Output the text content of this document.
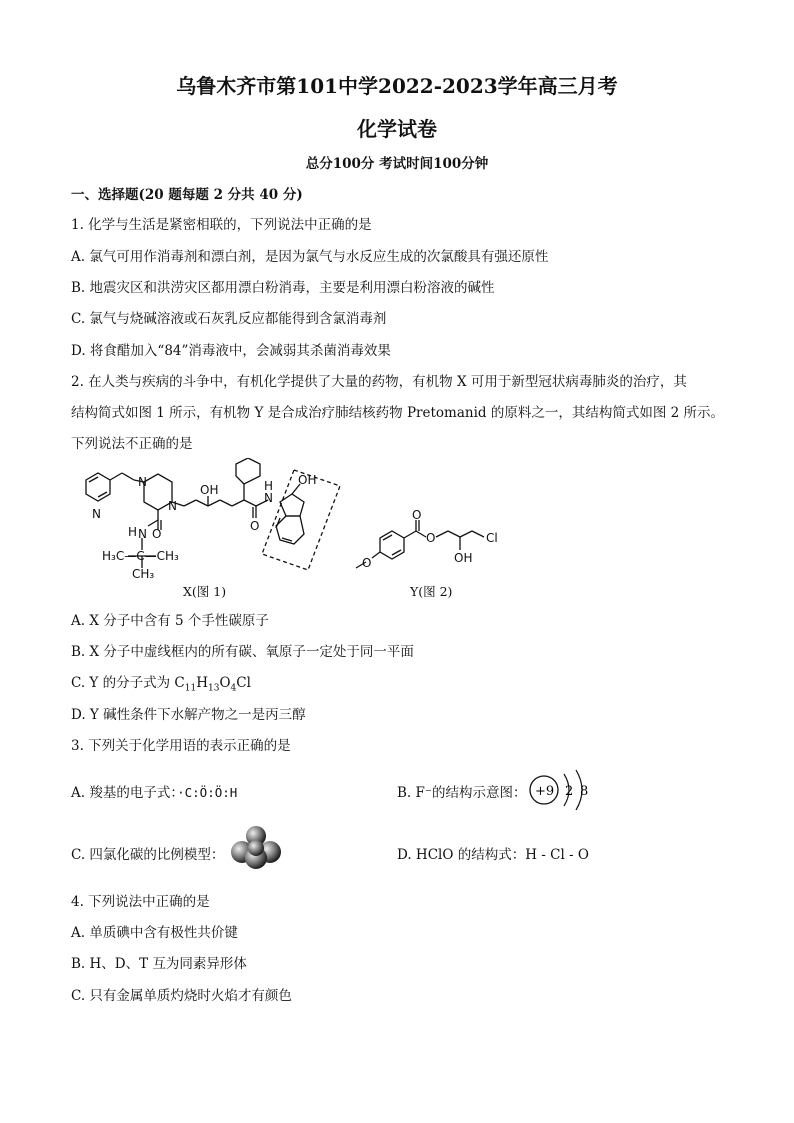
乌鲁木齐市第101中学2022-2023学年高三月考
化学试卷
总分100分 考试时间100分钟
一、选择题(20 题每题 2 分共 40 分)
1. 化学与生活是紧密相联的，下列说法中正确的是
A. 氯气可用作消毒剂和漂白剂，是因为氯气与水反应生成的次氯酸具有强还原性
B. 地震灾区和洪涝灾区都用漂白粉消毒，主要是利用漂白粉溶液的碱性
C. 氯气与烧碱溶液或石灰乳反应都能得到含氯消毒剂
D. 将食醋加入“84”消毒液中，会减弱其杀菌消毒效果
2. 在人类与疾病的斗争中，有机化学提供了大量的药物，有机物 X 可用于新型冠状病毒肺炎的治疗，其
结构简式如图 1 所示，有机物 Y 是合成治疗肺结核药物 Pretomanid 的原料之一，其结构简式如图 2 所示。
下列说法不正确的是
N
N
N
OH
OH
O
N
H
O
N
H
H₃C—C—CH₃
CH₃
X(图 1)
O
O
O
OH
Cl
Y(图 2)
A. X 分子中含有 5 个手性碳原子
B. X 分子中虚线框内的所有碳、氧原子一定处于同一平面
C. Y 的分子式为 $C_{11}H_{13}O_4Cl$
D. Y 碱性条件下水解产物之一是丙三醇
3. 下列关于化学用语的表示正确的是
A. 羧基的电子式：·C:Ö:Ö:H	B. F⁻的结构示意图： +9 2 8
C. 四氯化碳的比例模型：	D. HClO 的结构式：H - Cl - O
4. 下列说法中正确的是
A. 单质碘中含有极性共价键
B. H、D、T 互为同素异形体
C. 只有金属单质灼烧时火焰才有颜色
